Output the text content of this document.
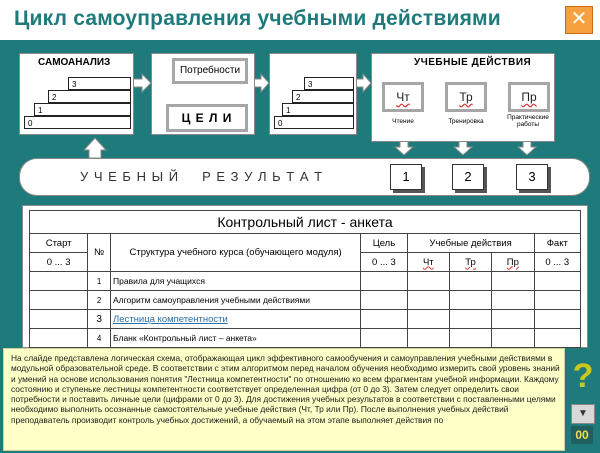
Цикл самоуправления учебными действиями	✕
САМОАНАЛИЗ
0
1
2
3
Потребности
Ц Е Л И	0
1
2
3
УЧЕБНЫЕ ДЕЙСТВИЯ
Чт	Тр	Пр
Чтение	Тренировка
Практические работы
У Ч Е Б Н Ы Й     Р Е З У Л Ь Т А Т	1	2	3
Контрольный лист - анкета							
Старт	№	Структура учебного курса (обучающего модуля)	Цель	Учебные действия			Факт
0 ... 3			0 ... 3	Чт	Тр	Пр	0 ... 3
	1	Правила для учащихся					
	2	Алгоритм самоуправления учебными действиями					
	3	Лестница компетентности					
	4	Бланк «Контрольный лист – анкета»					
На слайде представлена логическая схема, отображающая цикл эффективного самообучения и самоуправления учебными действиями в модульной образовательной среде. В соответствии с этим алгоритмом перед началом обучения необходимо измерить свой уровень знаний и умений на основе использования понятия "Лестница компетентности" по отношению ко всем фрагментам учебной информации. Каждому состоянию и ступенькe лестницы компетентности соответствует определенная цифра (от 0 до 3). Затем следует определить свои потребности и поставить личные цели (цифрами от 0 до 3). Для достижения учебных результатов в соответствии с поставленными целями необходимо выполнить осознанные самостоятельные учебные действия (Чт, Тр или Пр). После выполнения учебных действий преподаватель производит контроль учебных достижений, а обучаемый на этом этапе выполняет действия по
?
▼
00
